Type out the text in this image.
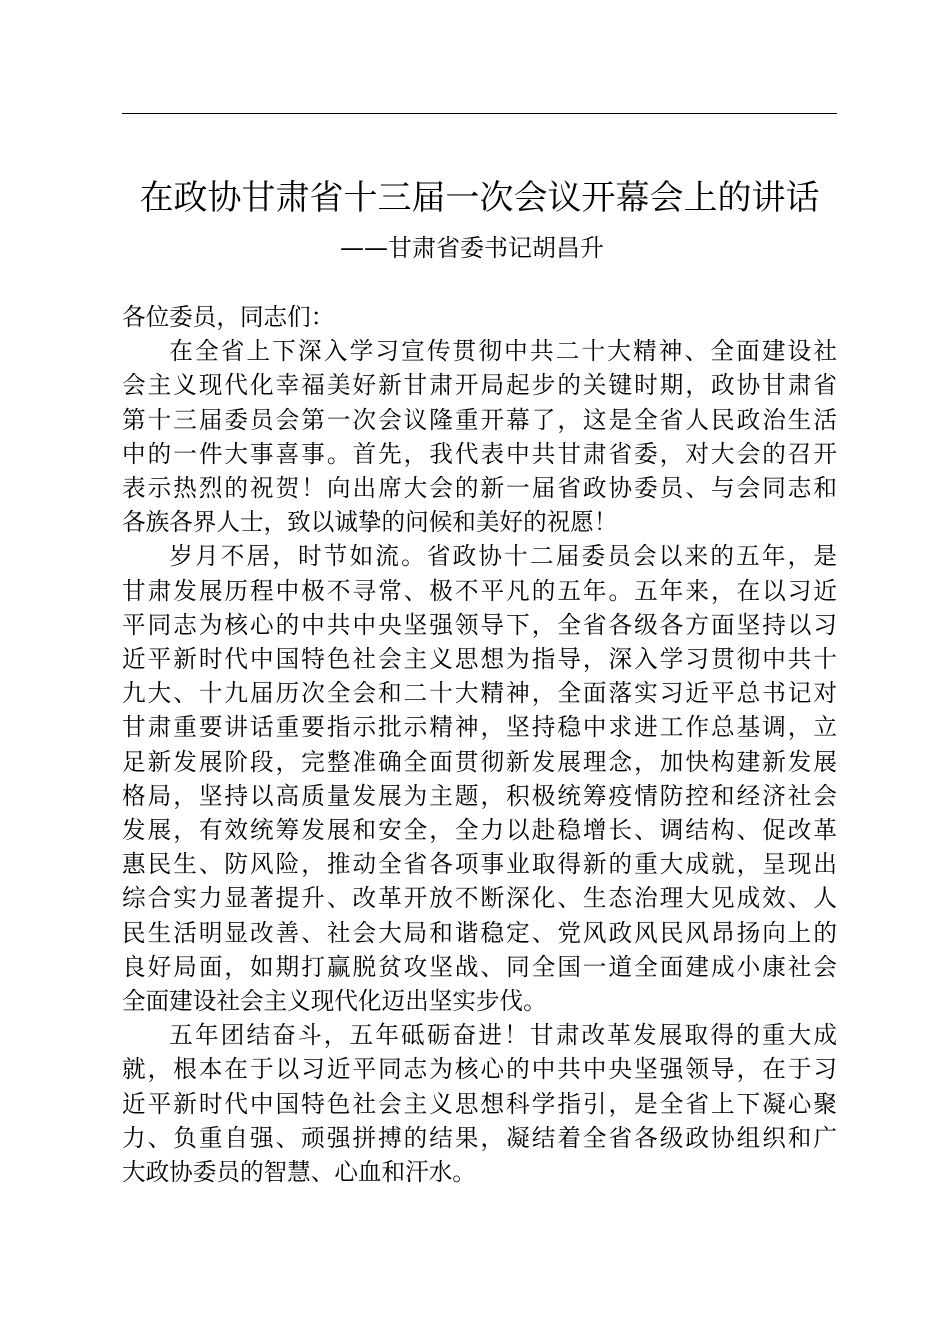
在政协甘肃省十三届一次会议开幕会上的讲话
——甘肃省委书记胡昌升

各位委员，同志们：

在全省上下深入学习宣传贯彻中共二十大精神、全面建设社
会主义现代化幸福美好新甘肃开局起步的关键时期，政协甘肃省
第十三届委员会第一次会议隆重开幕了，这是全省人民政治生活
中的一件大事喜事。首先，我代表中共甘肃省委，对大会的召开
表示热烈的祝贺！向出席大会的新一届省政协委员、与会同志和
各族各界人士，致以诚挚的问候和美好的祝愿！

岁月不居，时节如流。省政协十二届委员会以来的五年，是
甘肃发展历程中极不寻常、极不平凡的五年。五年来，在以习近
平同志为核心的中共中央坚强领导下，全省各级各方面坚持以习
近平新时代中国特色社会主义思想为指导，深入学习贯彻中共十
九大、十九届历次全会和二十大精神，全面落实习近平总书记对
甘肃重要讲话重要指示批示精神，坚持稳中求进工作总基调，立
足新发展阶段，完整准确全面贯彻新发展理念，加快构建新发展
格局，坚持以高质量发展为主题，积极统筹疫情防控和经济社会
发展，有效统筹发展和安全，全力以赴稳增长、调结构、促改革
惠民生、防风险，推动全省各项事业取得新的重大成就，呈现出
综合实力显著提升、改革开放不断深化、生态治理大见成效、人
民生活明显改善、社会大局和谐稳定、党风政风民风昂扬向上的
良好局面，如期打赢脱贫攻坚战、同全国一道全面建成小康社会
全面建设社会主义现代化迈出坚实步伐。

五年团结奋斗，五年砥砺奋进！甘肃改革发展取得的重大成
就，根本在于以习近平同志为核心的中共中央坚强领导，在于习
近平新时代中国特色社会主义思想科学指引，是全省上下凝心聚
力、负重自强、顽强拼搏的结果，凝结着全省各级政协组织和广
大政协委员的智慧、心血和汗水。
